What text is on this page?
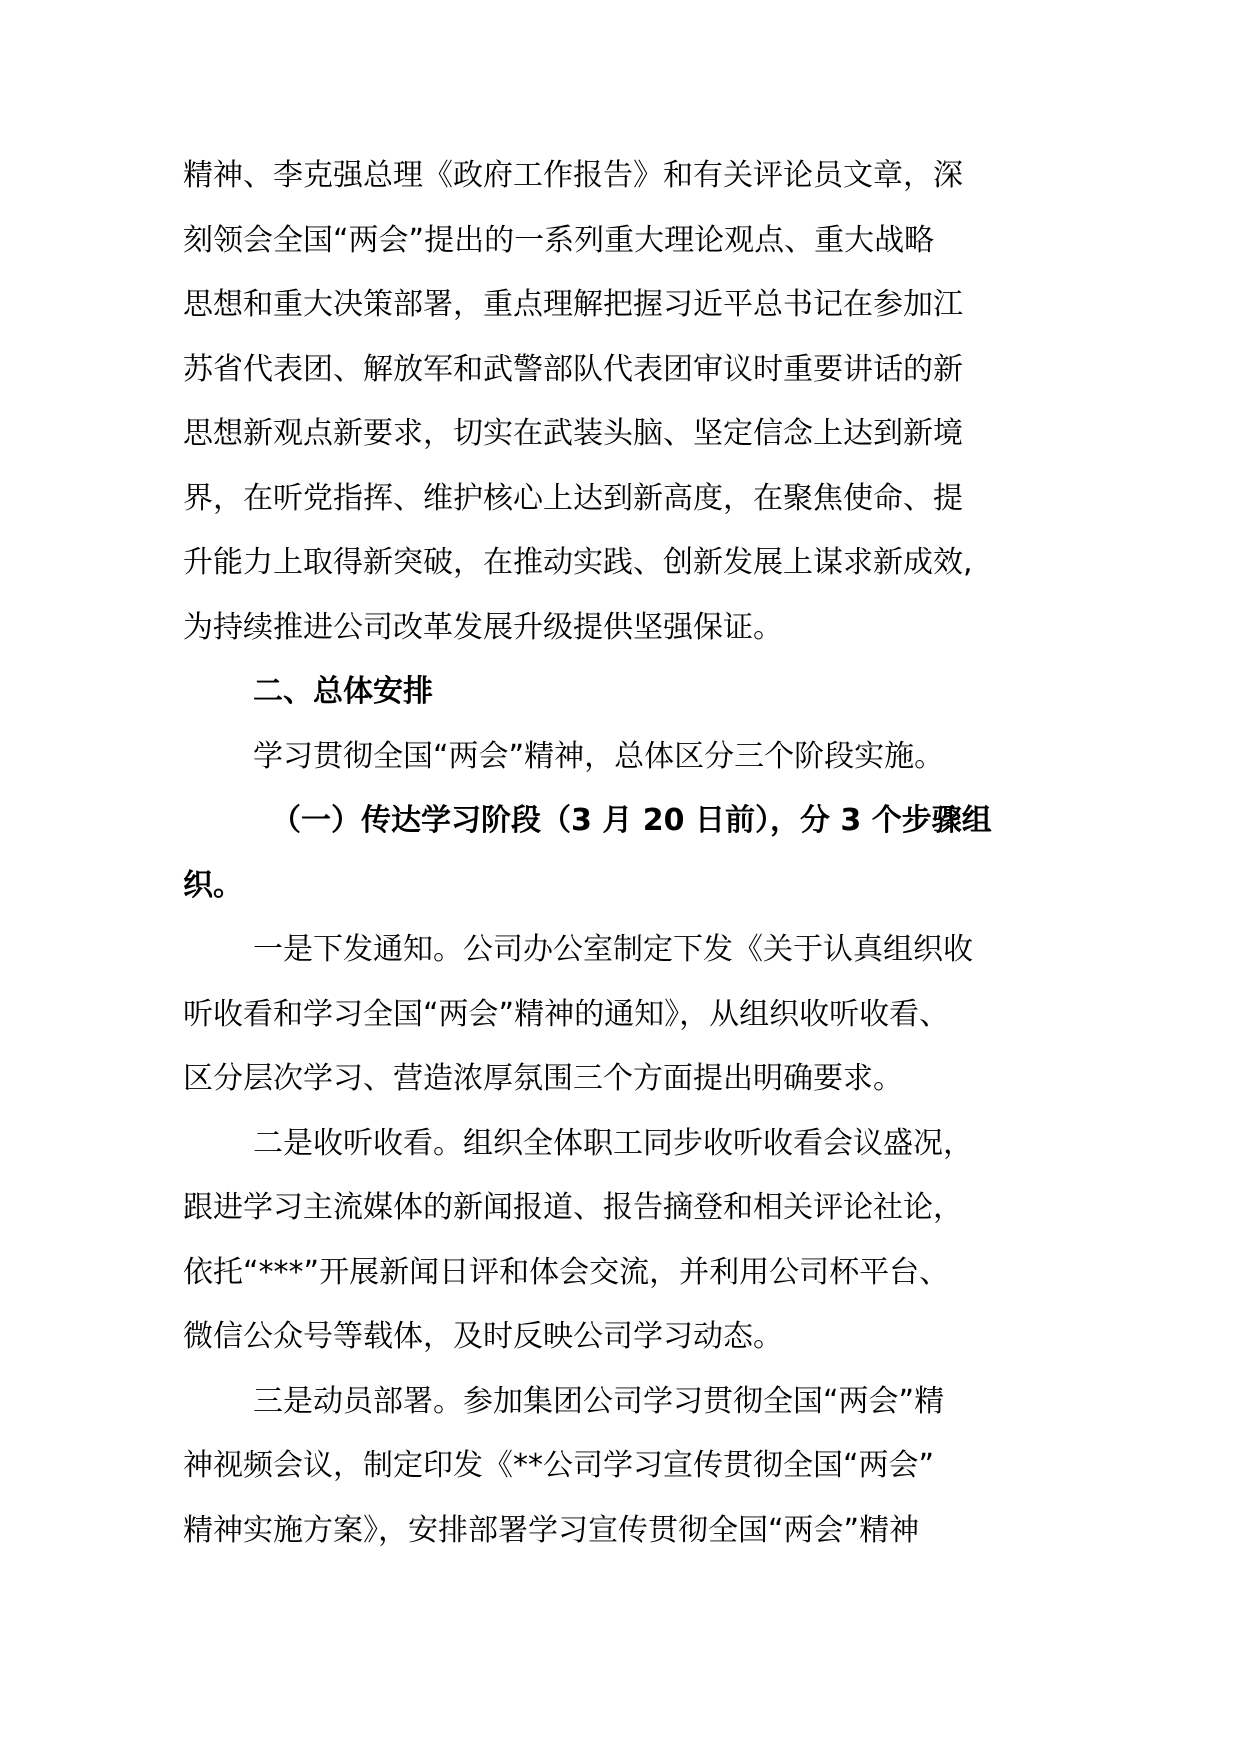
精神、李克强总理《政府工作报告》和有关评论员文章，深
刻领会全国“两会”提出的一系列重大理论观点、重大战略
思想和重大决策部署，重点理解把握习近平总书记在参加江
苏省代表团、解放军和武警部队代表团审议时重要讲话的新
思想新观点新要求，切实在武装头脑、坚定信念上达到新境
界，在听党指挥、维护核心上达到新高度，在聚焦使命、提
升能力上取得新突破，在推动实践、创新发展上谋求新成效,
为持续推进公司改革发展升级提供坚强保证。
二、总体安排
学习贯彻全国“两会”精神，总体区分三个阶段实施。
（一）传达学习阶段（3 月 20 日前），分 3 个步骤组
织。
一是下发通知。公司办公室制定下发《关于认真组织收
听收看和学习全国“两会”精神的通知》，从组织收听收看、
区分层次学习、营造浓厚氛围三个方面提出明确要求。
二是收听收看。组织全体职工同步收听收看会议盛况，
跟进学习主流媒体的新闻报道、报告摘登和相关评论社论，
依托“***”开展新闻日评和体会交流，并利用公司杯平台、
微信公众号等载体，及时反映公司学习动态。
三是动员部署。参加集团公司学习贯彻全国“两会”精
神视频会议，制定印发《**公司学习宣传贯彻全国“两会”
精神实施方案》，安排部署学习宣传贯彻全国“两会”精神
